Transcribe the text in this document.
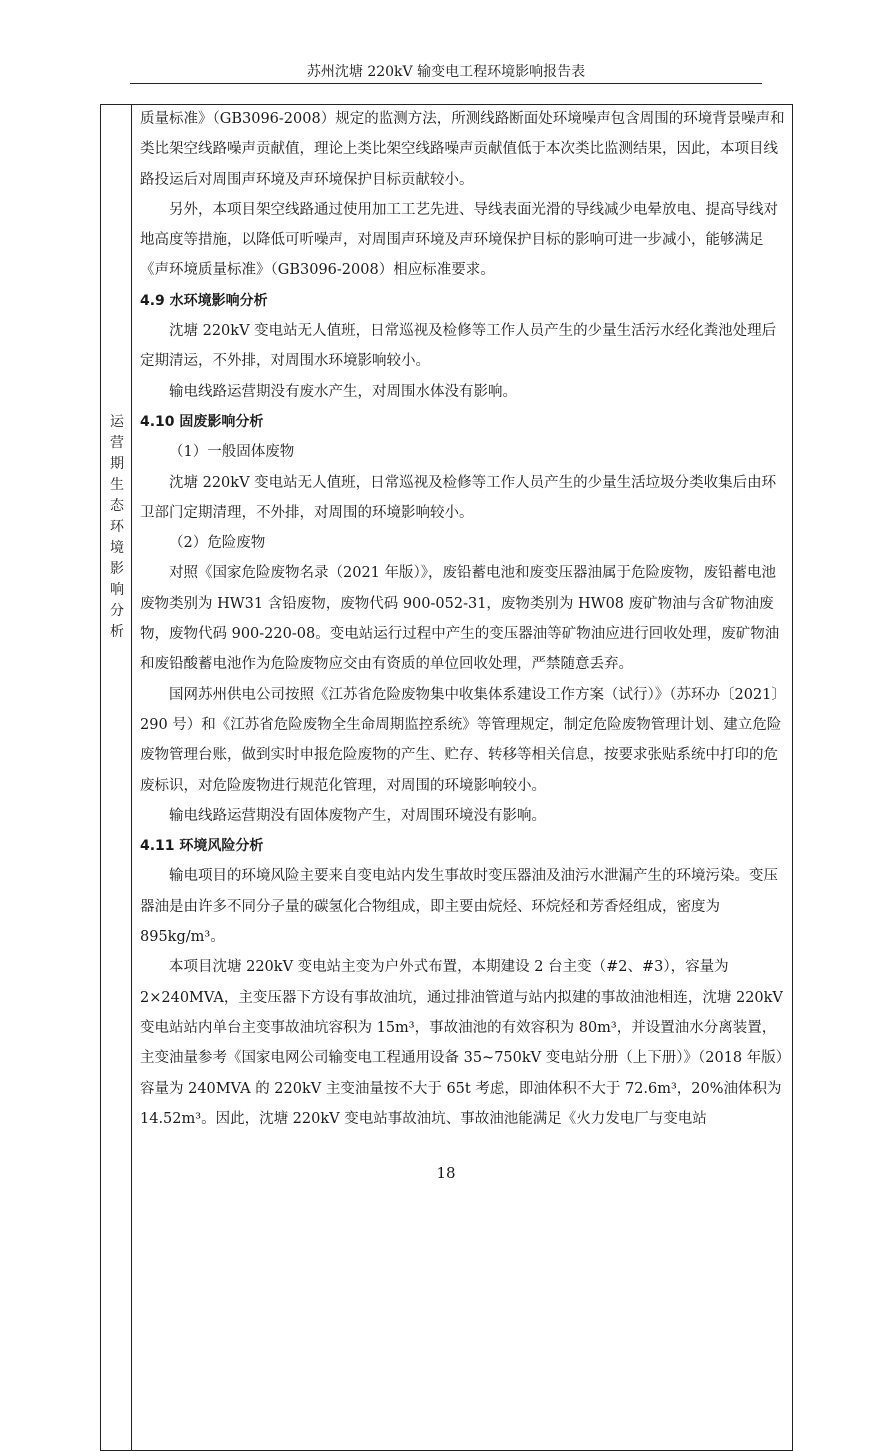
苏州沈塘 220kV 输变电工程环境影响报告表
运
营
期
生
态
环
境
影
响
分
析

质量标准》（GB3096-2008）规定的监测方法，所测线路断面处环境噪声包含周围的环境背景噪声和类比架空线路噪声贡献值，理论上类比架空线路噪声贡献值低于本次类比监测结果，因此，本项目线路投运后对周围声环境及声环境保护目标贡献较小。

另外，本项目架空线路通过使用加工工艺先进、导线表面光滑的导线减少电晕放电、提高导线对地高度等措施，以降低可听噪声，对周围声环境及声环境保护目标的影响可进一步减小，能够满足《声环境质量标准》（GB3096-2008）相应标准要求。

4.9 水环境影响分析

沈塘 220kV 变电站无人值班，日常巡视及检修等工作人员产生的少量生活污水经化粪池处理后定期清运，不外排，对周围水环境影响较小。

输电线路运营期没有废水产生，对周围水体没有影响。

4.10 固废影响分析

（1）一般固体废物

沈塘 220kV 变电站无人值班，日常巡视及检修等工作人员产生的少量生活垃圾分类收集后由环卫部门定期清理，不外排，对周围的环境影响较小。

（2）危险废物

对照《国家危险废物名录（2021 年版）》，废铅蓄电池和废变压器油属于危险废物，废铅蓄电池废物类别为 HW31 含铅废物，废物代码 900-052-31，废物类别为 HW08 废矿物油与含矿物油废物，废物代码 900-220-08。变电站运行过程中产生的变压器油等矿物油应进行回收处理，废矿物油和废铅酸蓄电池作为危险废物应交由有资质的单位回收处理，严禁随意丢弃。

国网苏州供电公司按照《江苏省危险废物集中收集体系建设工作方案（试行）》（苏环办〔2021〕290 号）和《江苏省危险废物全生命周期监控系统》等管理规定，制定危险废物管理计划、建立危险废物管理台账，做到实时申报危险废物的产生、贮存、转移等相关信息，按要求张贴系统中打印的危废标识，对危险废物进行规范化管理，对周围的环境影响较小。

输电线路运营期没有固体废物产生，对周围环境没有影响。

4.11 环境风险分析

输电项目的环境风险主要来自变电站内发生事故时变压器油及油污水泄漏产生的环境污染。变压器油是由许多不同分子量的碳氢化合物组成，即主要由烷烃、环烷烃和芳香烃组成，密度为 895kg/m³。

本项目沈塘 220kV 变电站主变为户外式布置，本期建设 2 台主变（#2、#3），容量为 2×240MVA，主变压器下方设有事故油坑，通过排油管道与站内拟建的事故油池相连，沈塘 220kV 变电站站内单台主变事故油坑容积为 15m³，事故油池的有效容积为 80m³，并设置油水分离装置，主变油量参考《国家电网公司输变电工程通用设备 35~750kV 变电站分册（上下册）》（2018 年版）容量为 240MVA 的 220kV 主变油量按不大于 65t 考虑，即油体积不大于 72.6m³，20%油体积为 14.52m³。因此，沈塘 220kV 变电站事故油坑、事故油池能满足《火力发电厂与变电站

18
